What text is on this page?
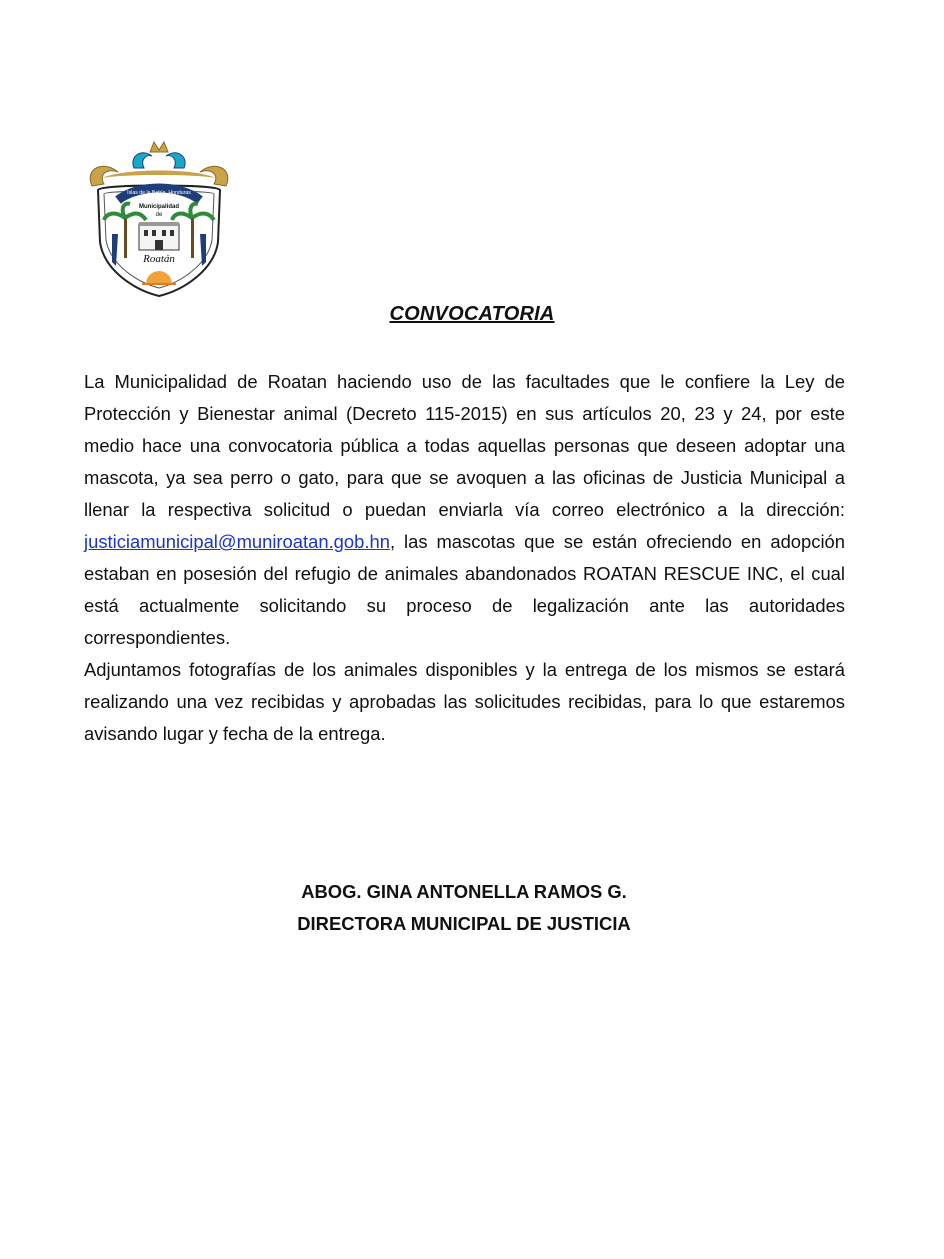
Islas de la Bahía, Honduras
Municipalidad
de
Roatán
CONVOCATORIA

La Municipalidad de Roatan haciendo uso de las facultades que le confiere la Ley de Protección y Bienestar animal (Decreto 115-2015) en sus artículos 20, 23 y 24, por este medio hace una convocatoria pública a todas aquellas personas que deseen adoptar una mascota, ya sea perro o gato, para que se avoquen a las oficinas de Justicia Municipal a llenar la respectiva solicitud o puedan enviarla vía correo electrónico a la dirección: justiciamunicipal@muniroatan.gob.hn, las mascotas que se están ofreciendo en adopción estaban en posesión del refugio de animales abandonados ROATAN RESCUE INC, el cual está actualmente solicitando su proceso de legalización ante las autoridades correspondientes.

Adjuntamos fotografías de los animales disponibles y la entrega de los mismos se estará realizando una vez recibidas y aprobadas las solicitudes recibidas, para lo que estaremos avisando lugar y fecha de la entrega.

ABOG. GINA ANTONELLA RAMOS G.
DIRECTORA MUNICIPAL DE JUSTICIA
